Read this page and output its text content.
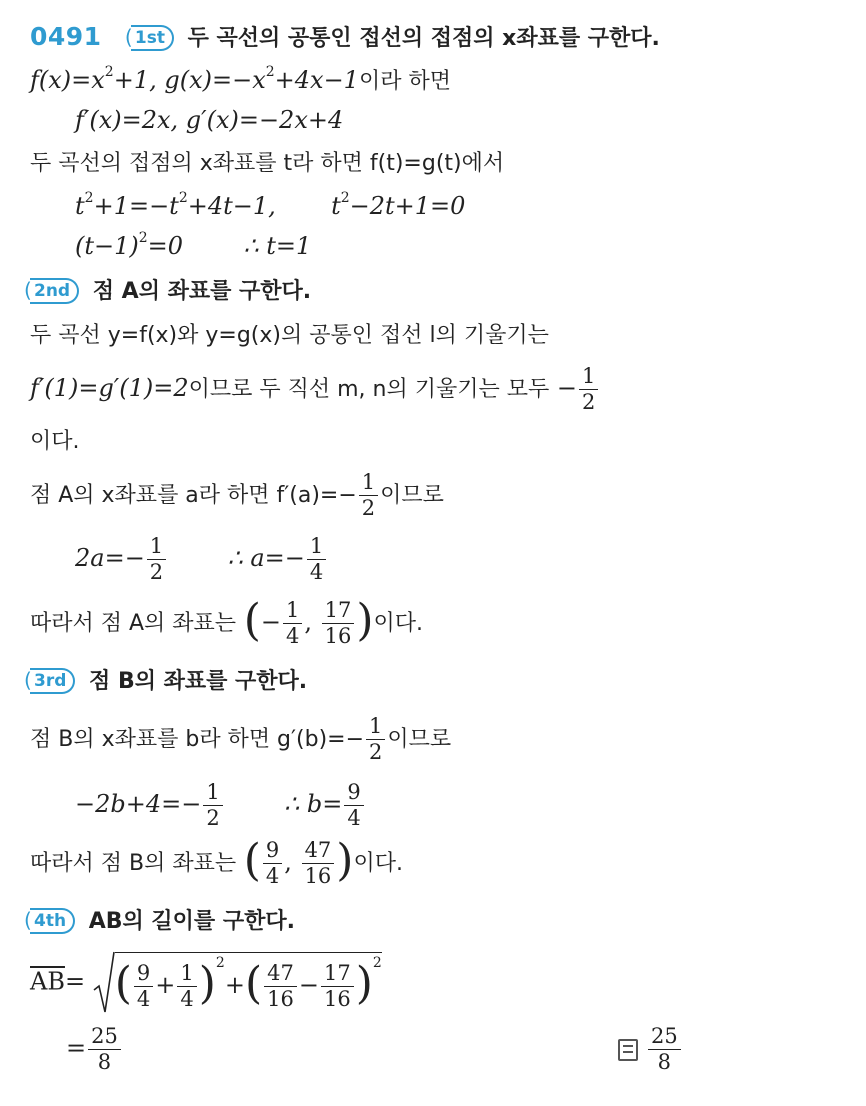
0491 ( 1st 두 곡선의 공통인 접선의 접점의 x좌표를 구한다.
$f(x)=x^2+1$, $g(x)=-x^2+4x-1$이라 하면
f′(x)=2x, g′(x)=−2x+4
두 곡선의 접점의 x좌표를 t라 하면 f(t)=g(t)에서
$t^2+1=-t^2+4t-1$, $t^2-2t+1=0$
$(t-1)^2=0$	∴ t=1
( 2nd 점 A의 좌표를 구한다.
두 곡선 y=f(x)와 y=g(x)의 공통인 접선 l의 기울기는
f′(1)=g′(1)=2이므로 두 직선 m, n의 기울기는 모두 − $\frac{1}{2}$
이다.
점 A의 x좌표를 a라 하면 $f'(a)=- \frac{1}{2}$ 이므로
$2a=- \frac{1}{2}$	∴ $a=- \frac{1}{4}$
따라서 점 A의 좌표는 (− $\frac{1}{4}$ , $\frac{17}{16}$ )이다.
( 3rd 점 B의 좌표를 구한다.
점 B의 x좌표를 b라 하면 $g'(b)=- \frac{1}{2}$ 이므로
$-2b+4=- \frac{1}{2}$	∴ $b= \frac{9}{4}$
따라서 점 B의 좌표는 ( $\frac{9}{4}$ , $\frac{47}{16}$ )이다.
( 4th AB의 길이를 구한다.
$\overline{AB}=$ ( $\frac{9}{4} + \frac{1}{4} )^2+( \frac{47}{16} - \frac{17}{16} )^2$
= $\frac{25}{8}$	$\frac{25}{8}$
